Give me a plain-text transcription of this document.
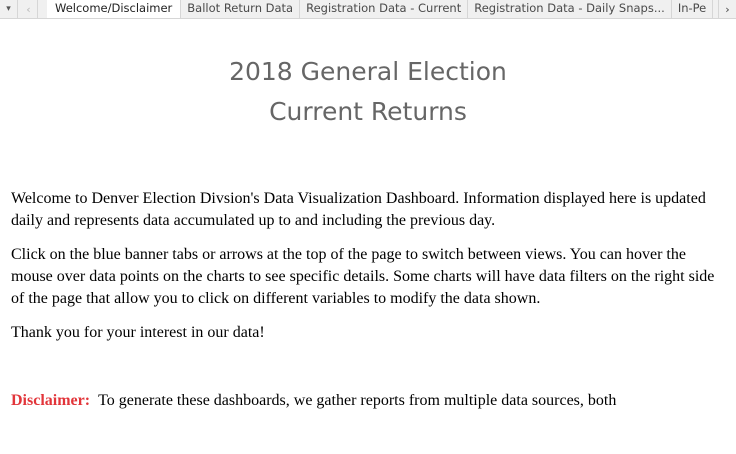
▾	‹	Welcome/Disclaimer	Ballot Return Data	Registration Data - Current	Registration Data - Daily Snaps...	In-Pe	›
2018 General Election
Current Returns

Welcome to Denver Election Divsion's Data Visualization Dashboard. Information displayed here is updated daily and represents data accumulated up to and including the previous day.

Click on the blue banner tabs or arrows at the top of the page to switch between views. You can hover the mouse over data points on the charts to see specific details. Some charts will have data filters on the right side of the page that allow you to click on different variables to modify the data shown.

Thank you for your interest in our data!

Disclaimer: To generate these dashboards, we gather reports from multiple data sources, both
